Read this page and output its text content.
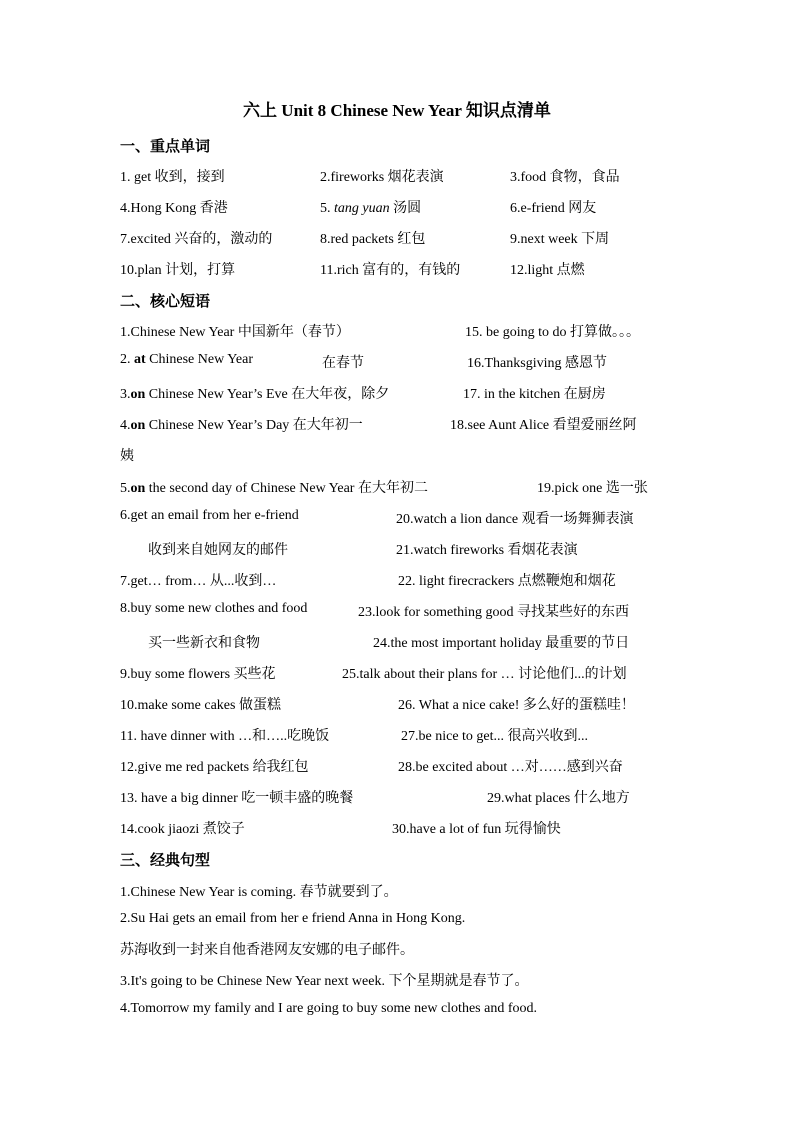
六上 Unit 8 Chinese New Year 知识点清单
一、重点单词
1. get 收到，接到	2.fireworks 烟花表演	3.food 食物，食品
4.Hong Kong 香港	5. tang yuan 汤圆	6.e-friend 网友
7.excited 兴奋的，激动的	8.red packets 红包	9.next week 下周
10.plan 计划，打算	11.rich 富有的，有钱的	12.light 点燃
二、核心短语
1.Chinese New Year 中国新年（春节）	15. be going to do 打算做。。。
2. at Chinese New Year	在春节	16.Thanksgiving 感恩节
3.on Chinese New Year’s Eve 在大年夜，除夕	17. in the kitchen 在厨房
4.on Chinese New Year’s Day 在大年初一	18.see Aunt Alice 看望爱丽丝阿
姨
5.on the second day of Chinese New Year 在大年初二	19.pick one 选一张
6.get an email from her e-friend	20.watch a lion dance 观看一场舞狮表演
收到来自她网友的邮件	21.watch fireworks 看烟花表演
7.get… from… 从...收到…	22. light firecrackers 点燃鞭炮和烟花
8.buy some new clothes and food	23.look for something good 寻找某些好的东西
买一些新衣和食物	24.the most important holiday 最重要的节日
9.buy some flowers 买些花	25.talk about their plans for … 讨论他们...的计划
10.make some cakes 做蛋糕	26. What a nice cake! 多么好的蛋糕哇！
11. have dinner with …和…..吃晚饭	27.be nice to get... 很高兴收到...
12.give me red packets 给我红包	28.be excited about …对……感到兴奋
13. have a big dinner 吃一顿丰盛的晚餐	29.what places 什么地方
14.cook jiaozi 煮饺子	30.have a lot of fun 玩得愉快
三、经典句型
1.Chinese New Year is coming. 春节就要到了。
2.Su Hai gets an email from her e friend Anna in Hong Kong.
苏海收到一封来自他香港网友安娜的电子邮件。
3.It's going to be Chinese New Year next week. 下个星期就是春节了。
4.Tomorrow my family and I are going to buy some new clothes and food.
